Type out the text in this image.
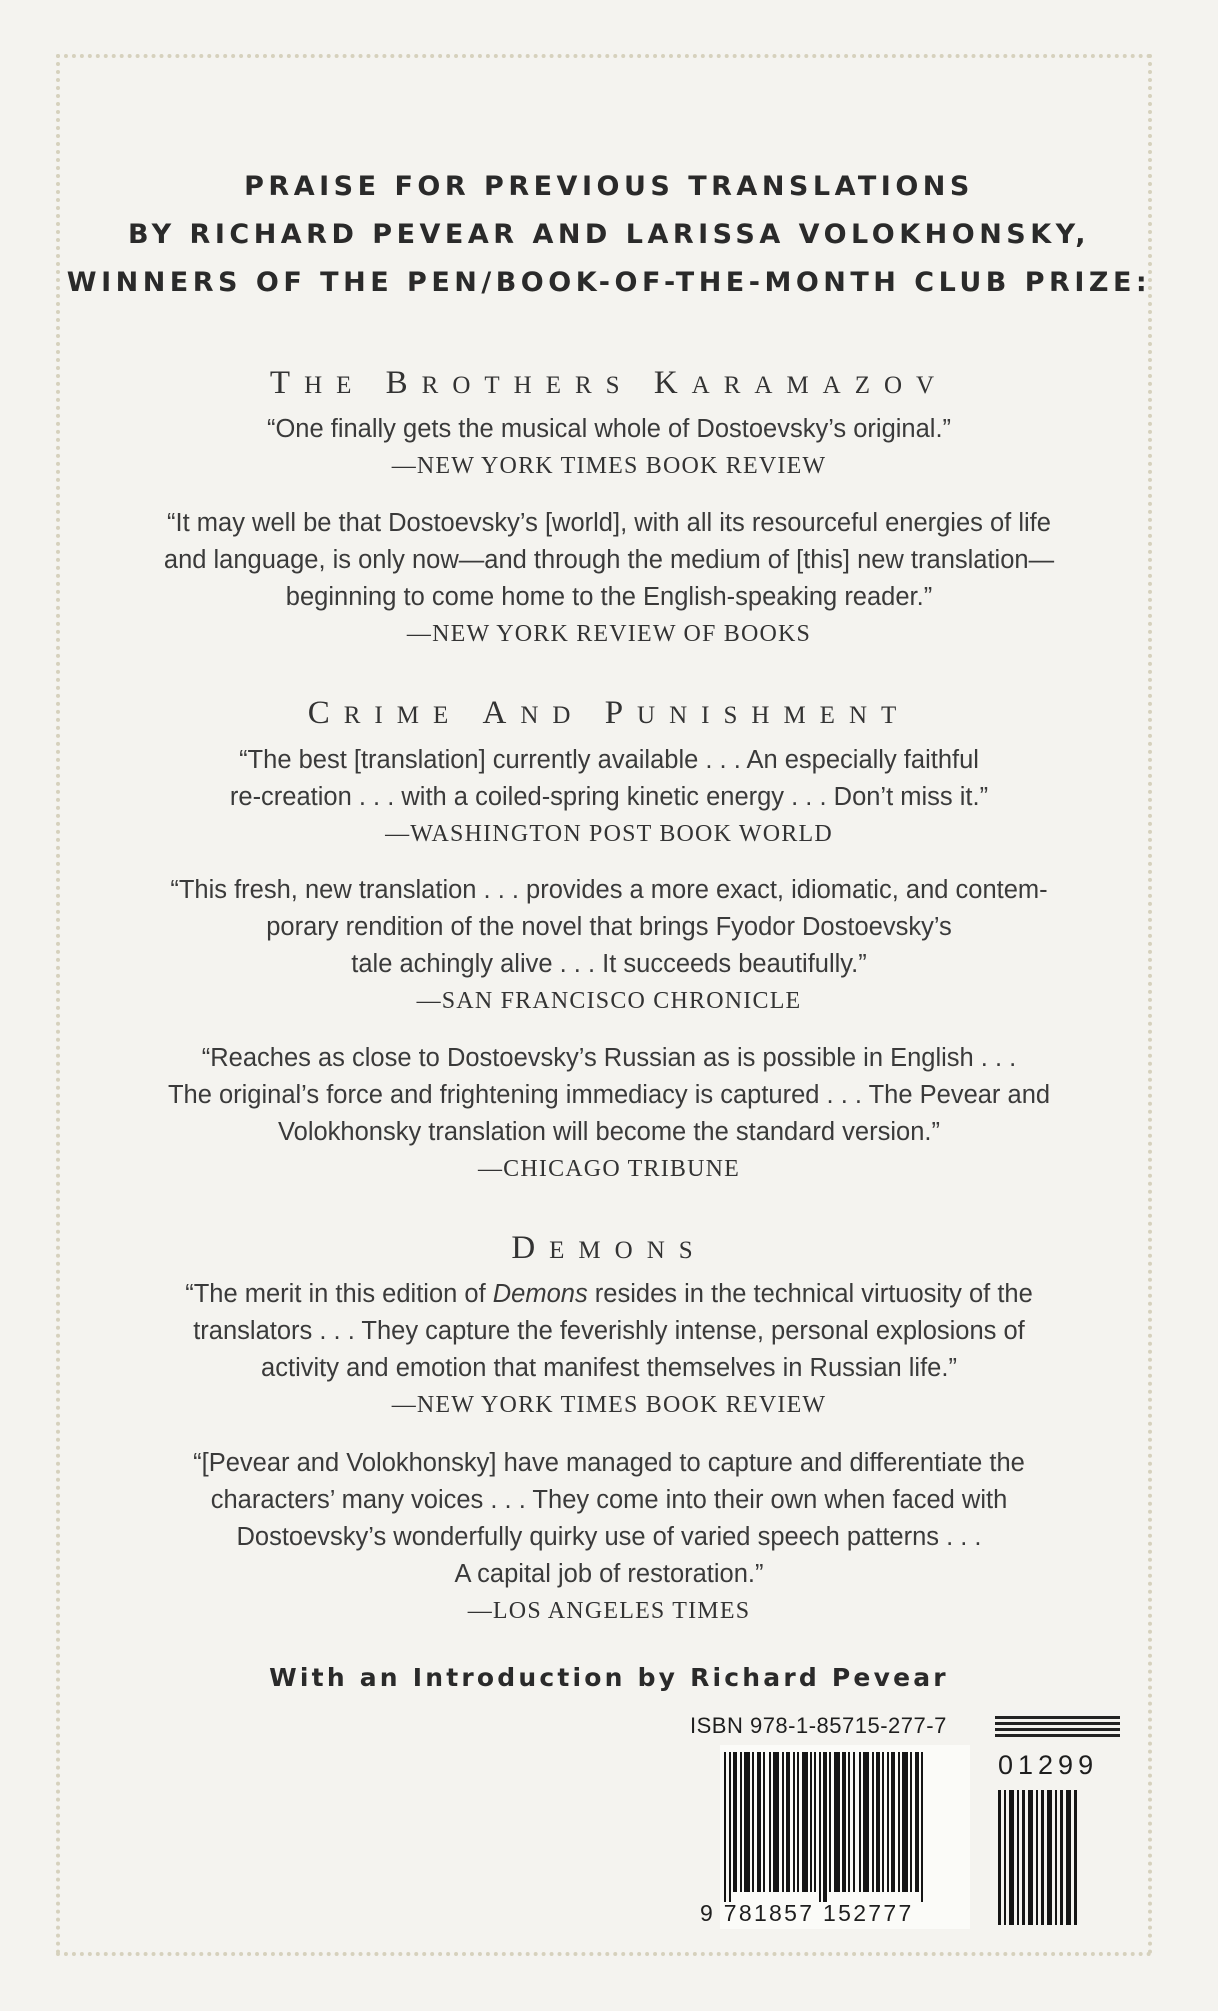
PRAISE FOR PREVIOUS TRANSLATIONS
BY RICHARD PEVEAR AND LARISSA VOLOKHONSKY,
WINNERS OF THE PEN/BOOK-OF-THE-MONTH CLUB PRIZE:
THE BROTHERS KARAMAZOV
“One finally gets the musical whole of Dostoevsky’s original.”
—NEW YORK TIMES BOOK REVIEW
“It may well be that Dostoevsky’s [world], with all its resourceful energies of life
and language, is only now—and through the medium of [this] new translation—
beginning to come home to the English-speaking reader.”
—NEW YORK REVIEW OF BOOKS
CRIME AND PUNISHMENT
“The best [translation] currently available . . . An especially faithful
re-creation . . . with a coiled-spring kinetic energy . . . Don’t miss it.”
—WASHINGTON POST BOOK WORLD
“This fresh, new translation . . . provides a more exact, idiomatic, and contem-
porary rendition of the novel that brings Fyodor Dostoevsky’s
tale achingly alive . . . It succeeds beautifully.”
—SAN FRANCISCO CHRONICLE
“Reaches as close to Dostoevsky’s Russian as is possible in English . . .
The original’s force and frightening immediacy is captured . . . The Pevear and
Volokhonsky translation will become the standard version.”
—CHICAGO TRIBUNE
DEMONS
“The merit in this edition of Demons resides in the technical virtuosity of the
translators . . . They capture the feverishly intense, personal explosions of
activity and emotion that manifest themselves in Russian life.”
—NEW YORK TIMES BOOK REVIEW
“[Pevear and Volokhonsky] have managed to capture and differentiate the
characters’ many voices . . . They come into their own when faced with
Dostoevsky’s wonderfully quirky use of varied speech patterns . . .
A capital job of restoration.”
—LOS ANGELES TIMES
With an Introduction by Richard Pevear
ISBN 978-1-85715-277-7
9 781857 152777
01299
